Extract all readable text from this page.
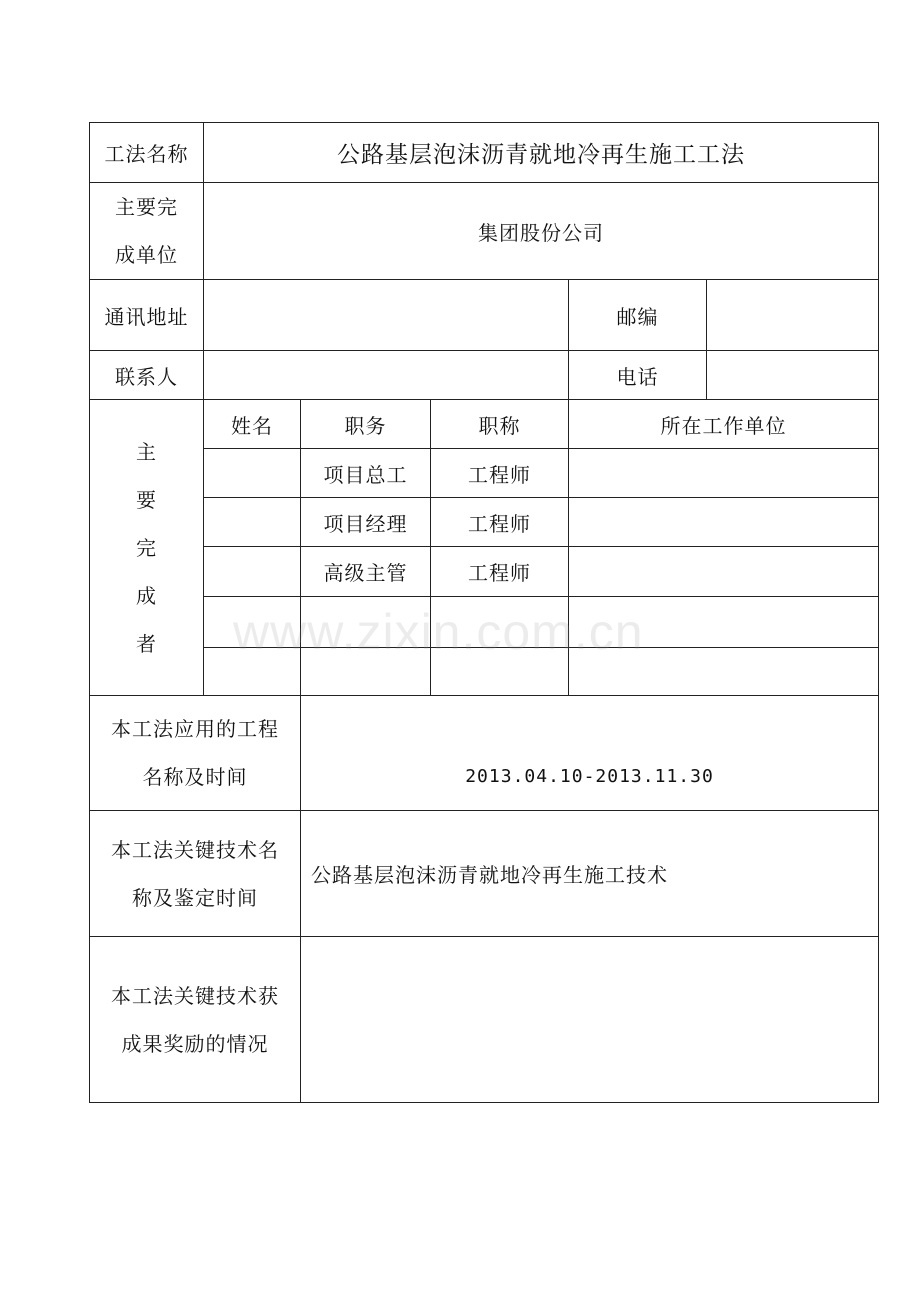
工法名称	公路基层泡沫沥青就地冷再生施工工法				
主要完
成单位	集团股份公司				
通讯地址				邮编	
联系人				电话	

主
要
完
成
者	姓名	职务	职称	所在工作单位	
		项目总工	工程师		
		项目经理	工程师		
		高级主管	工程师		

本工法应用的工程
名称及时间		2013.04.10-2013.11.30			
本工法关键技术名
称及鉴定时间		公路基层泡沫沥青就地冷再生施工技术			
本工法关键技术获
成果奖励的情况					
www.zixin.com.cn
